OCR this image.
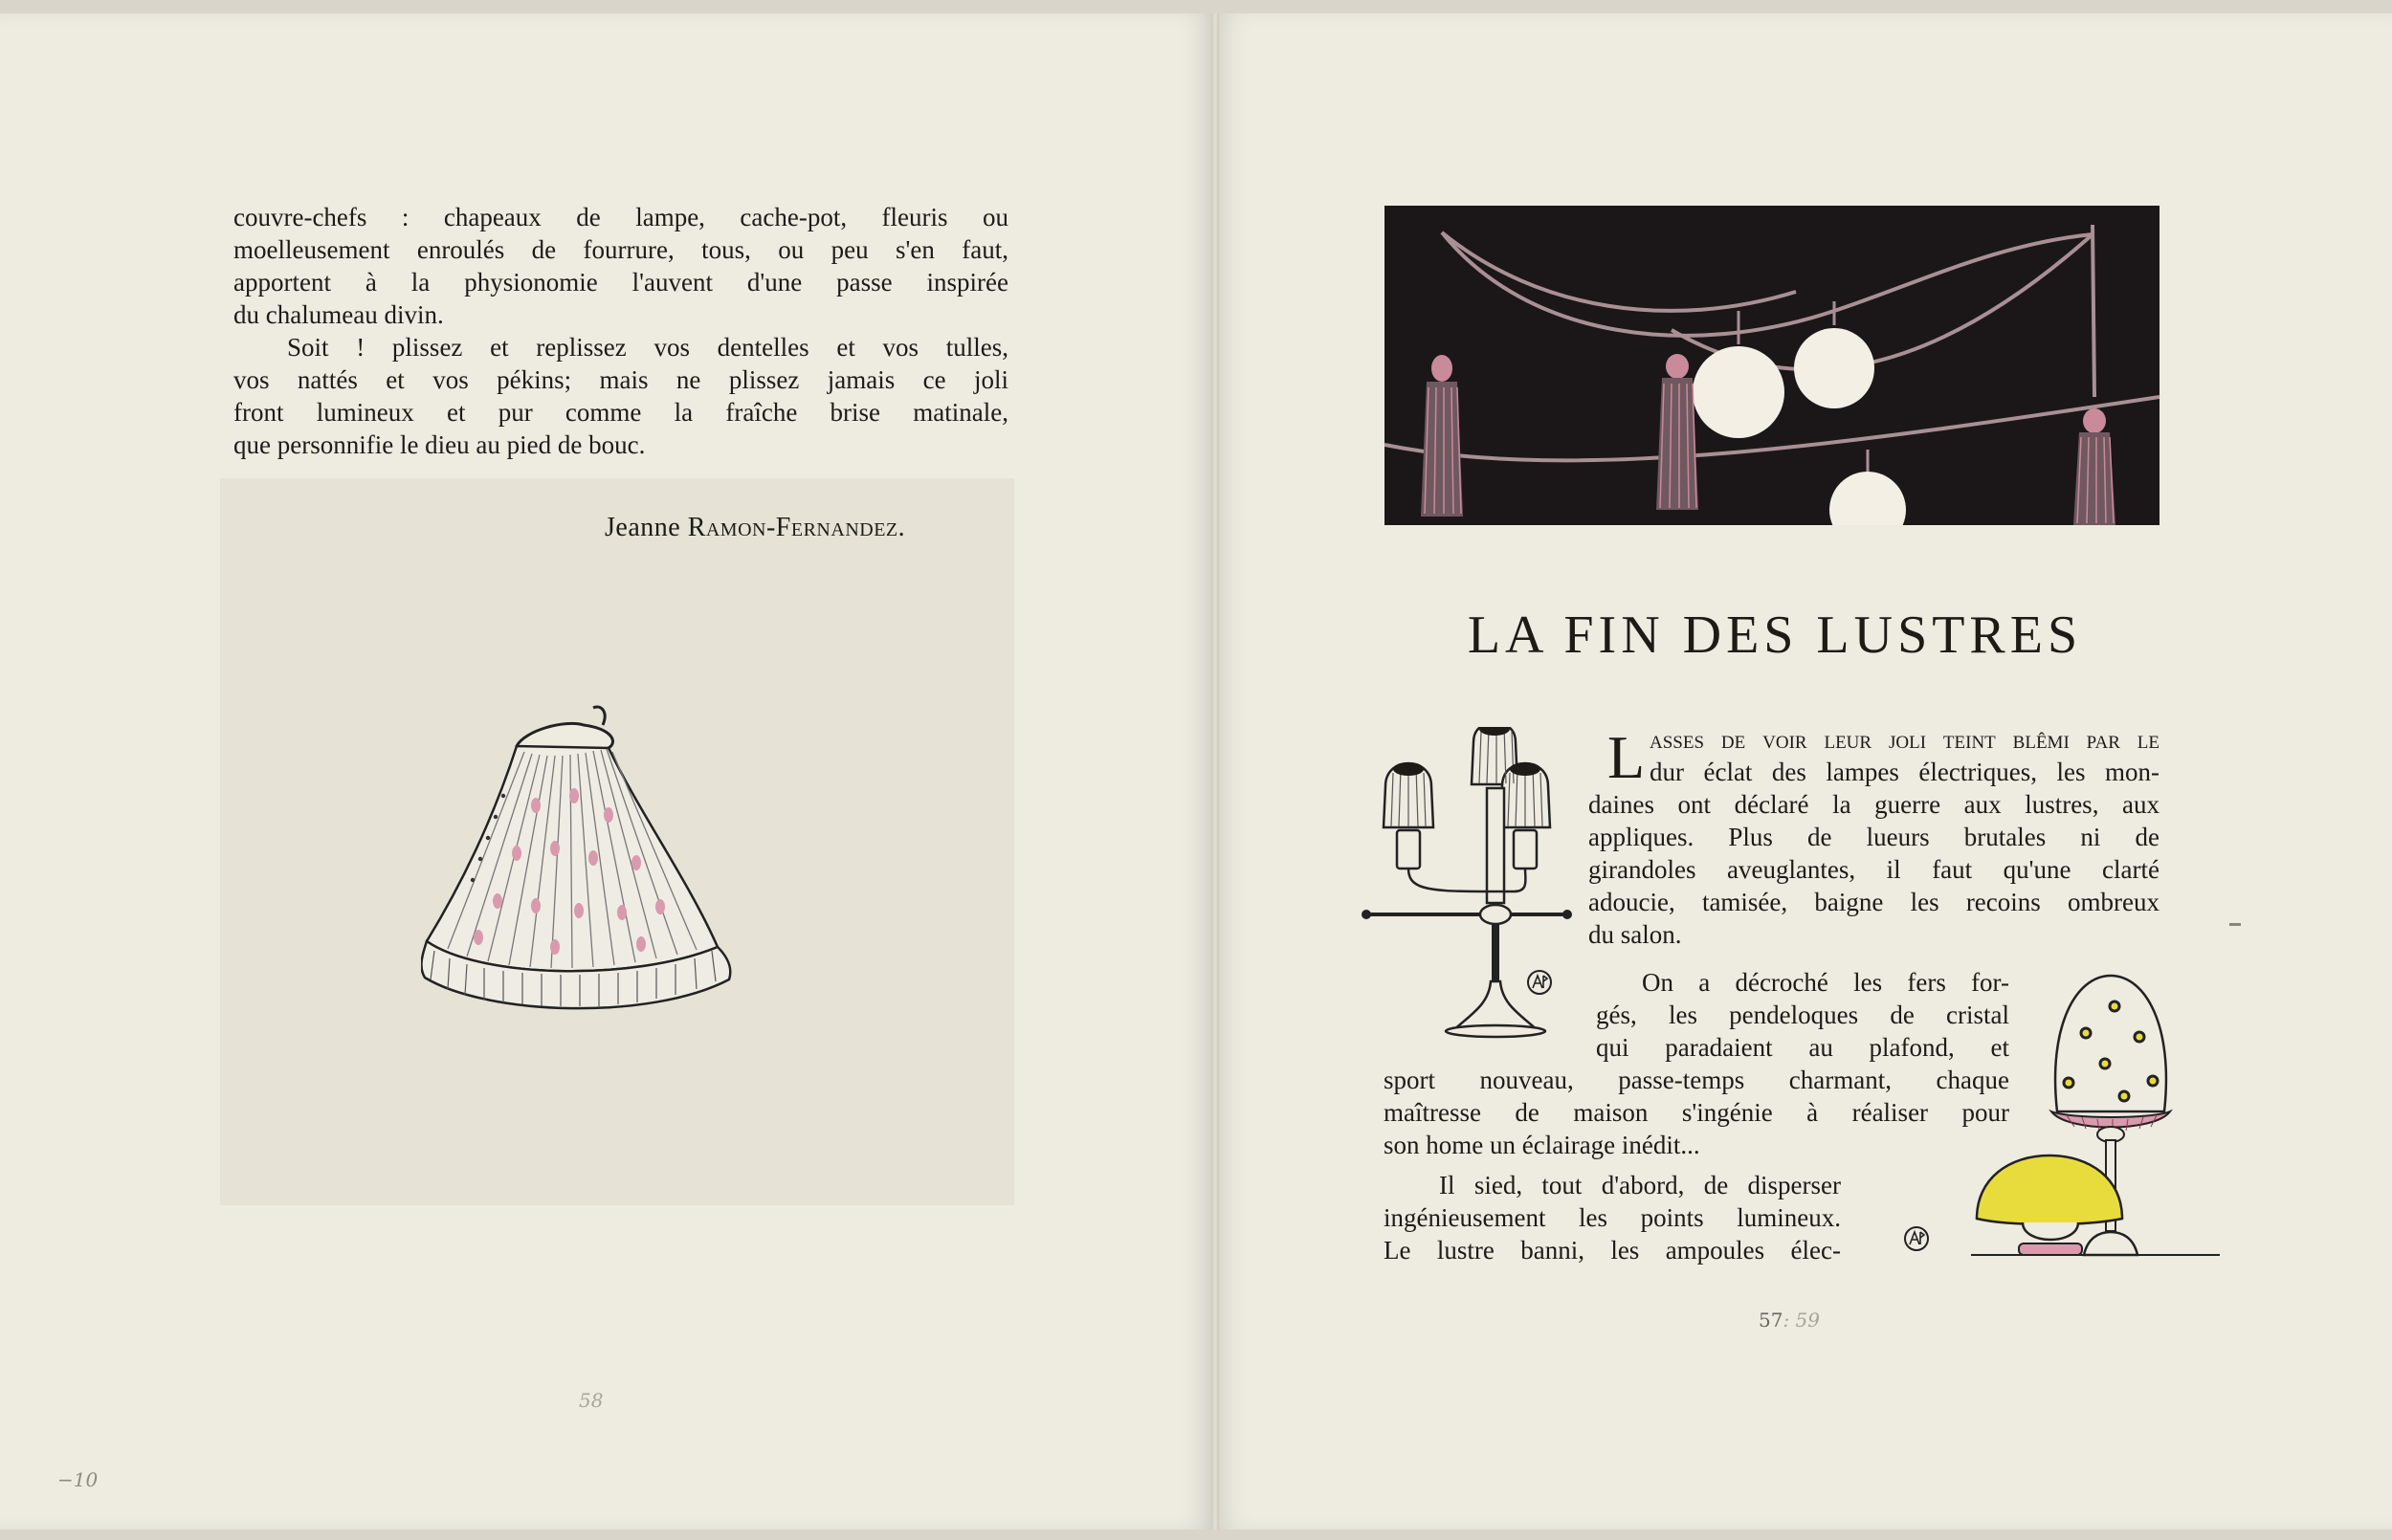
couvre-chefs : chapeaux de lampe, cache-pot, fleuris ou
moelleusement enroulés de fourrure, tous, ou peu s'en faut,
apportent à la physionomie l'auvent d'une passe inspirée
du chalumeau divin.
Soit ! plissez et replissez vos dentelles et vos tulles,
vos nattés et vos pékins; mais ne plissez jamais ce joli
front lumineux et pur comme la fraîche brise matinale,
que personnifie le dieu au pied de bouc.
Jeanne Ramon-Fernandez.
58
−10
LA FIN DES LUSTRES
L asses de voir leur joli teint blêmi par le
dur éclat des lampes électriques, les mon-
daines ont déclaré la guerre aux lustres, aux
appliques. Plus de lueurs brutales ni de
girandoles aveuglantes, il faut qu'une clarté
adoucie, tamisée, baigne les recoins ombreux
du salon.
On a décroché les fers for-
gés, les pendeloques de cristal
qui paradaient au plafond, et
sport nouveau, passe-temps charmant, chaque
maîtresse de maison s'ingénie à réaliser pour
son home un éclairage inédit...
Il sied, tout d'abord, de disperser
ingénieusement les points lumineux.
Le lustre banni, les ampoules élec-
57: 59
